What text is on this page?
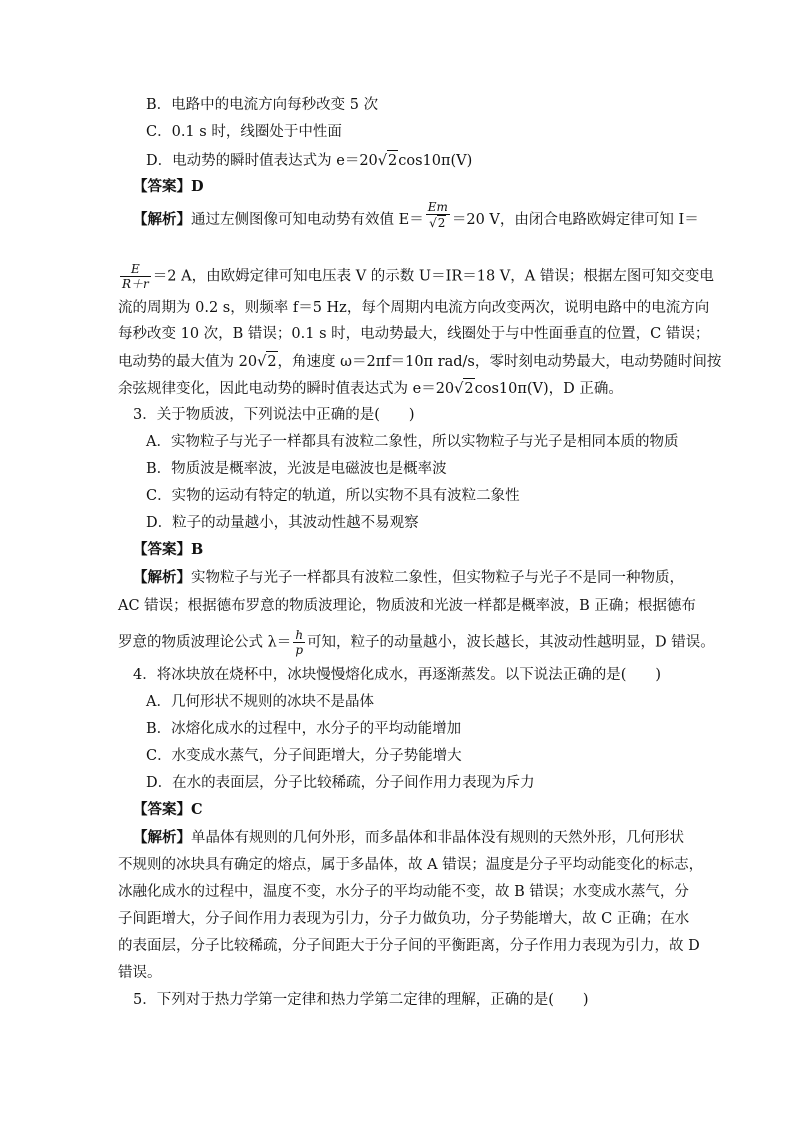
B．电路中的电流方向每秒改变 5 次
C．0.1 s 时，线圈处于中性面
D．电动势的瞬时值表达式为 e＝20√2cos10π(V)
【答案】D
【解析】通过左侧图像可知电动势有效值 $E= \frac{Em}{√2} =20$ V，由闭合电路欧姆定律可知 I＝
$\frac{E}{R+r} =2$ A，由欧姆定律可知电压表 V 的示数 U＝IR＝18 V，A 错误；根据左图可知交变电
流的周期为 0.2 s，则频率 f＝5 Hz，每个周期内电流方向改变两次，说明电路中的电流方向
每秒改变 10 次，B 错误；0.1 s 时，电动势最大，线圈处于与中性面垂直的位置，C 错误；
电动势的最大值为 20√2，角速度 ω＝2πf＝10π rad/s，零时刻电动势最大，电动势随时间按
余弦规律变化，因此电动势的瞬时值表达式为 e＝20√2cos10π(V)，D 正确。
3．关于物质波，下列说法中正确的是(　　)
A．实物粒子与光子一样都具有波粒二象性，所以实物粒子与光子是相同本质的物质
B．物质波是概率波，光波是电磁波也是概率波
C．实物的运动有特定的轨道，所以实物不具有波粒二象性
D．粒子的动量越小，其波动性越不易观察
【答案】B
【解析】实物粒子与光子一样都具有波粒二象性，但实物粒子与光子不是同一种物质，
AC 错误；根据德布罗意的物质波理论，物质波和光波一样都是概率波，B 正确；根据德布
罗意的物质波理论公式 $\lambda= \frac{h}{p}$ 可知，粒子的动量越小，波长越长，其波动性越明显，D 错误。
4．将冰块放在烧杯中，冰块慢慢熔化成水，再逐渐蒸发。以下说法正确的是(　　)
A．几何形状不规则的冰块不是晶体
B．冰熔化成水的过程中，水分子的平均动能增加
C．水变成水蒸气，分子间距增大，分子势能增大
D．在水的表面层，分子比较稀疏，分子间作用力表现为斥力
【答案】C
【解析】单晶体有规则的几何外形，而多晶体和非晶体没有规则的天然外形，几何形状
不规则的冰块具有确定的熔点，属于多晶体，故 A 错误；温度是分子平均动能变化的标志，
冰融化成水的过程中，温度不变，水分子的平均动能不变，故 B 错误；水变成水蒸气，分
子间距增大，分子间作用力表现为引力，分子力做负功，分子势能增大，故 C 正确；在水
的表面层，分子比较稀疏，分子间距大于分子间的平衡距离，分子作用力表现为引力，故 D
错误。
5．下列对于热力学第一定律和热力学第二定律的理解，正确的是(　　)
